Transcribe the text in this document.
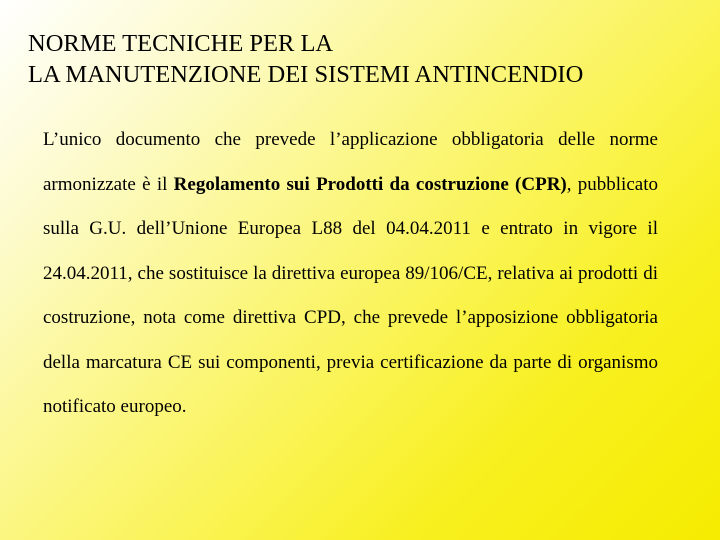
NORME TECNICHE PER LA
LA MANUTENZIONE DEI SISTEMI ANTINCENDIO
L’unico documento che prevede l’applicazione obbligatoria delle norme armonizzate è il Regolamento sui Prodotti da costruzione (CPR), pubblicato sulla G.U. dell’Unione Europea L88 del 04.04.2011 e entrato in vigore il 24.04.2011, che sostituisce la direttiva europea 89/106/CE, relativa ai prodotti di costruzione, nota come direttiva CPD, che prevede l’apposizione obbligatoria della marcatura CE sui componenti, previa certificazione da parte di organismo notificato europeo.
